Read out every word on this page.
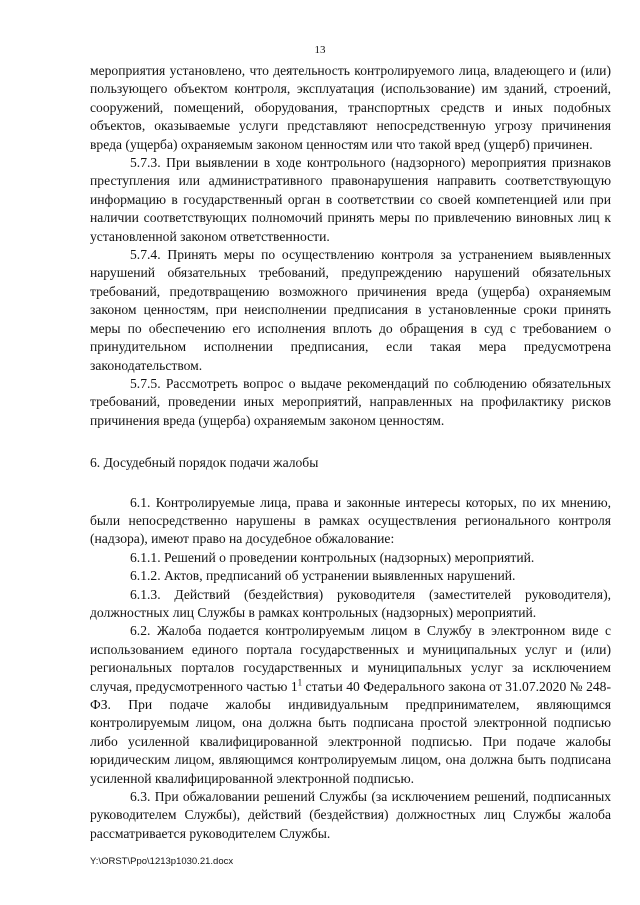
13

мероприятия установлено, что деятельность контролируемого лица, владеющего и (или) пользующего объектом контроля, эксплуатация (использование) им зданий, строений, сооружений, помещений, оборудования, транспортных средств и иных подобных объектов, оказываемые услуги представляют непосредственную угрозу причинения вреда (ущерба) охраняемым законом ценностям или что такой вред (ущерб) причинен.

5.7.3. При выявлении в ходе контрольного (надзорного) мероприятия признаков преступления или административного правонарушения направить соответствующую информацию в государственный орган в соответствии со своей компетенцией или при наличии соответствующих полномочий принять меры по привлечению виновных лиц к установленной законом ответственности.

5.7.4. Принять меры по осуществлению контроля за устранением выявленных нарушений обязательных требований, предупреждению нарушений обязательных требований, предотвращению возможного причинения вреда (ущерба) охраняемым законом ценностям, при неисполнении предписания в установленные сроки принять меры по обеспечению его исполнения вплоть до обращения в суд с требованием о принудительном исполнении предписания, если такая мера предусмотрена законодательством.

5.7.5. Рассмотреть вопрос о выдаче рекомендаций по соблюдению обязательных требований, проведении иных мероприятий, направленных на профилактику рисков причинения вреда (ущерба) охраняемым законом ценностям.

6. Досудебный порядок подачи жалобы

6.1. Контролируемые лица, права и законные интересы которых, по их мнению, были непосредственно нарушены в рамках осуществления регионального контроля (надзора), имеют право на досудебное обжалование:

6.1.1. Решений о проведении контрольных (надзорных) мероприятий.

6.1.2. Актов, предписаний об устранении выявленных нарушений.

6.1.3. Действий (бездействия) руководителя (заместителей руководителя), должностных лиц Службы в рамках контрольных (надзорных) мероприятий.

6.2. Жалоба подается контролируемым лицом в Службу в электронном виде с использованием единого портала государственных и муниципальных услуг и (или) региональных порталов государственных и муниципальных услуг за исключением случая, предусмотренного частью $1^1$ статьи 40 Федерального закона от 31.07.2020 № 248-ФЗ. При подаче жалобы индивидуальным предпринимателем, являющимся контролируемым лицом, она должна быть подписана простой электронной подписью либо усиленной квалифицированной электронной подписью. При подаче жалобы юридическим лицом, являющимся контролируемым лицом, она должна быть подписана усиленной квалифицированной электронной подписью.

6.3. При обжаловании решений Службы (за исключением решений, подписанных руководителем Службы), действий (бездействия) должностных лиц Службы жалоба рассматривается руководителем Службы.

Y:\ORST\Ppo\1213p1030.21.docx
